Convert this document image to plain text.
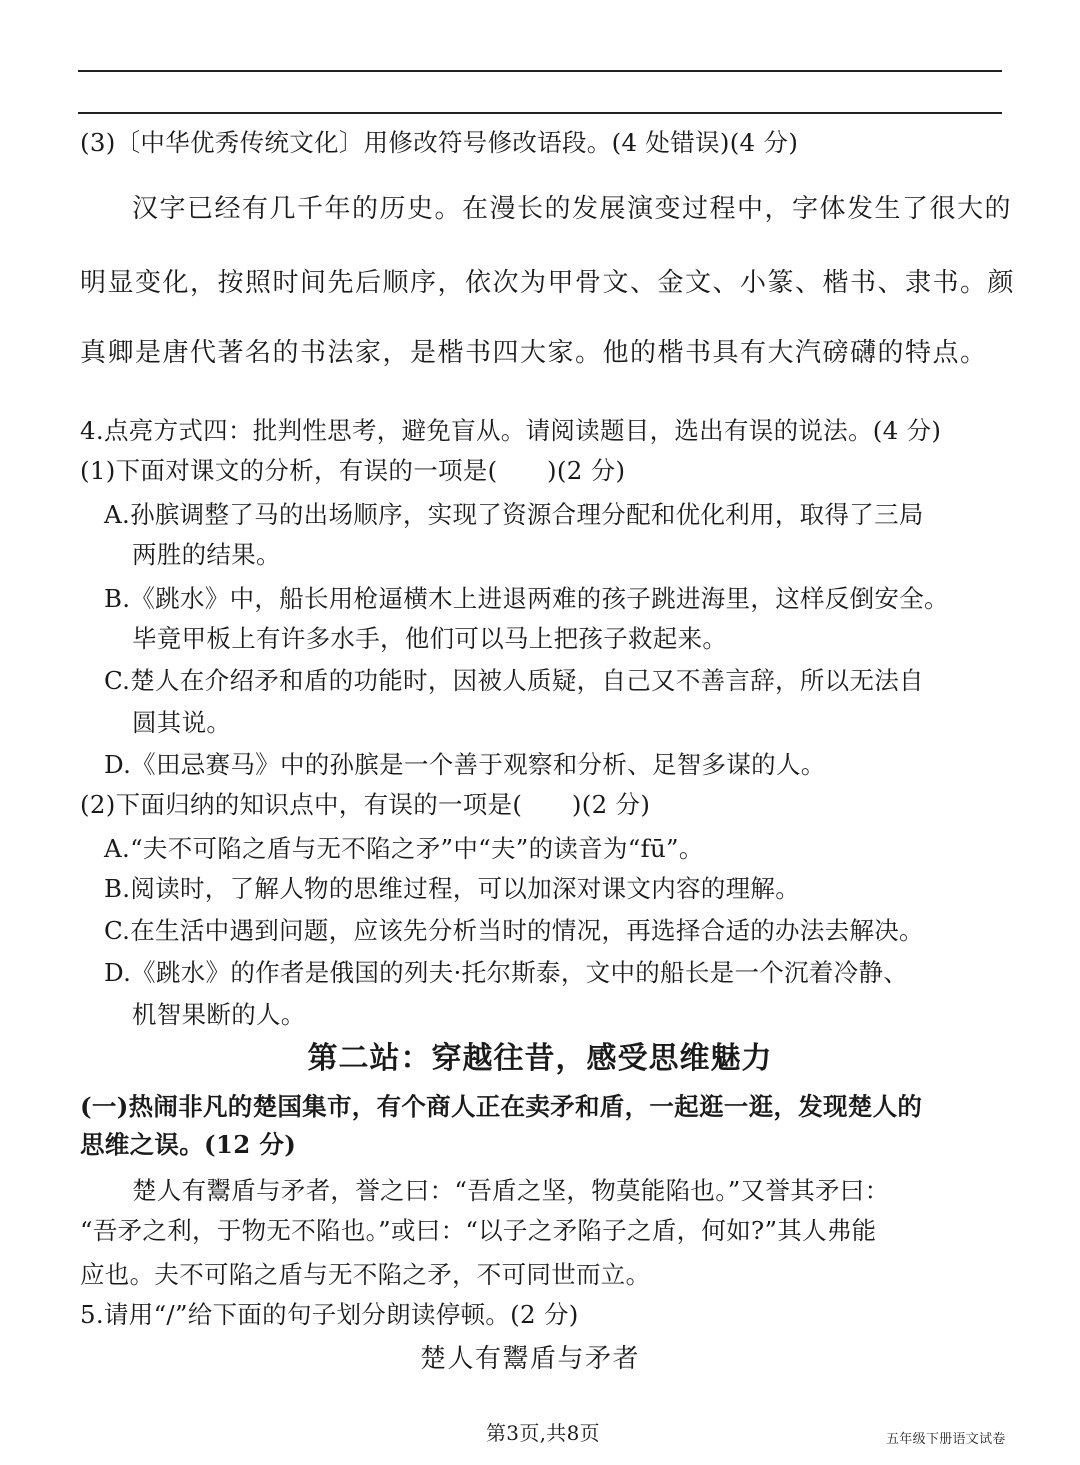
(3)〔中华优秀传统文化〕用修改符号修改语段。(4 处错误)(4 分)
汉字已经有几千年的历史。在漫长的发展演变过程中，字体发生了很大的
明显变化，按照时间先后顺序，依次为甲骨文、金文、小篆、楷书、隶书。颜
真卿是唐代著名的书法家，是楷书四大家。他的楷书具有大汽磅礴的特点。
4.点亮方式四：批判性思考，避免盲从。请阅读题目，选出有误的说法。(4 分)
(1)下面对课文的分析，有误的一项是(　　)(2 分)
A.孙膑调整了马的出场顺序，实现了资源合理分配和优化利用，取得了三局
两胜的结果。
B.《跳水》中，船长用枪逼横木上进退两难的孩子跳进海里，这样反倒安全。
毕竟甲板上有许多水手，他们可以马上把孩子救起来。
C.楚人在介绍矛和盾的功能时，因被人质疑，自己又不善言辞，所以无法自
圆其说。
D.《田忌赛马》中的孙膑是一个善于观察和分析、足智多谋的人。
(2)下面归纳的知识点中，有误的一项是(　　)(2 分)
A.“夫不可陷之盾与无不陷之矛”中“夫”的读音为“fū”。
B.阅读时，了解人物的思维过程，可以加深对课文内容的理解。
C.在生活中遇到问题，应该先分析当时的情况，再选择合适的办法去解决。
D.《跳水》的作者是俄国的列夫·托尔斯泰，文中的船长是一个沉着冷静、
机智果断的人。
第二站：穿越往昔，感受思维魅力
(一)热闹非凡的楚国集市，有个商人正在卖矛和盾，一起逛一逛，发现楚人的
思维之误。(12 分)
楚人有鬻盾与矛者，誉之曰：“吾盾之坚，物莫能陷也。”又誉其矛曰：
“吾矛之利，于物无不陷也。”或曰：“以子之矛陷子之盾，何如?”其人弗能
应也。夫不可陷之盾与无不陷之矛，不可同世而立。
5.请用“/”给下面的句子划分朗读停顿。(2 分)
楚人有鬻盾与矛者
第3页,共8页	五年级下册语文试卷
